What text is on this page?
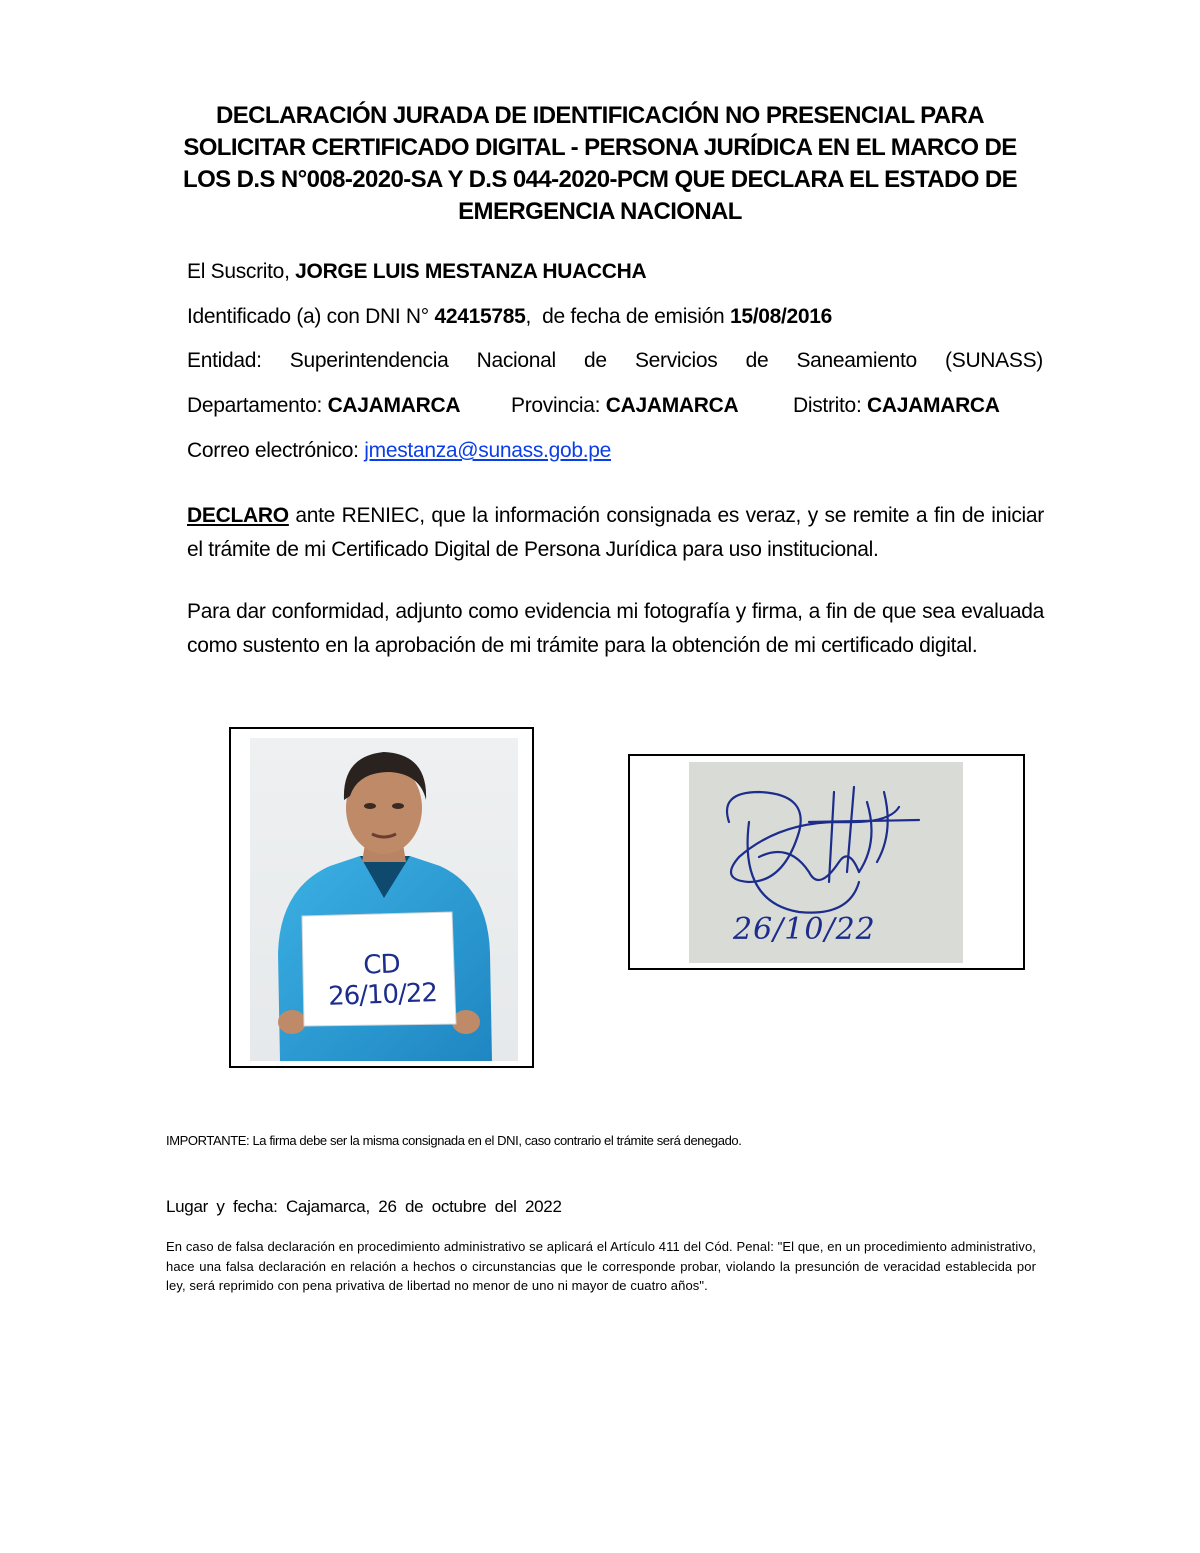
DECLARACIÓN JURADA DE IDENTIFICACIÓN NO PRESENCIAL PARA SOLICITAR CERTIFICADO DIGITAL - PERSONA JURÍDICA EN EL MARCO DE LOS D.S N°008-2020-SA Y D.S 044-2020-PCM QUE DECLARA EL ESTADO DE EMERGENCIA NACIONAL
El Suscrito, JORGE LUIS MESTANZA HUACCHA
Identificado (a) con DNI N° 42415785,  de fecha de emisión 15/08/2016
Entidad: Superintendencia Nacional de Servicios de Saneamiento (SUNASS)
Departamento: CAJAMARCA Provincia: CAJAMARCA	Distrito: CAJAMARCA
Correo electrónico: jmestanza@sunass.gob.pe

DECLARO ante RENIEC, que la información consignada es veraz, y se remite a fin de iniciar el trámite de mi Certificado Digital de Persona Jurídica para uso institucional.

Para dar conformidad, adjunto como evidencia mi fotografía y firma, a fin de que sea evaluada como sustento en la aprobación de mi trámite para la obtención de mi certificado digital.

CD 26/10/22
26/10/22
IMPORTANTE: La firma debe ser la misma consignada en el DNI, caso contrario el trámite será denegado.
Lugar y fecha: Cajamarca, 26 de octubre del 2022

En caso de falsa declaración en procedimiento administrativo se aplicará el Artículo 411 del Cód. Penal: "El que, en un procedimiento administrativo, hace una falsa declaración en relación a hechos o circunstancias que le corresponde probar, violando la presunción de veracidad establecida por ley, será reprimido con pena privativa de libertad no menor de uno ni mayor de cuatro años".
